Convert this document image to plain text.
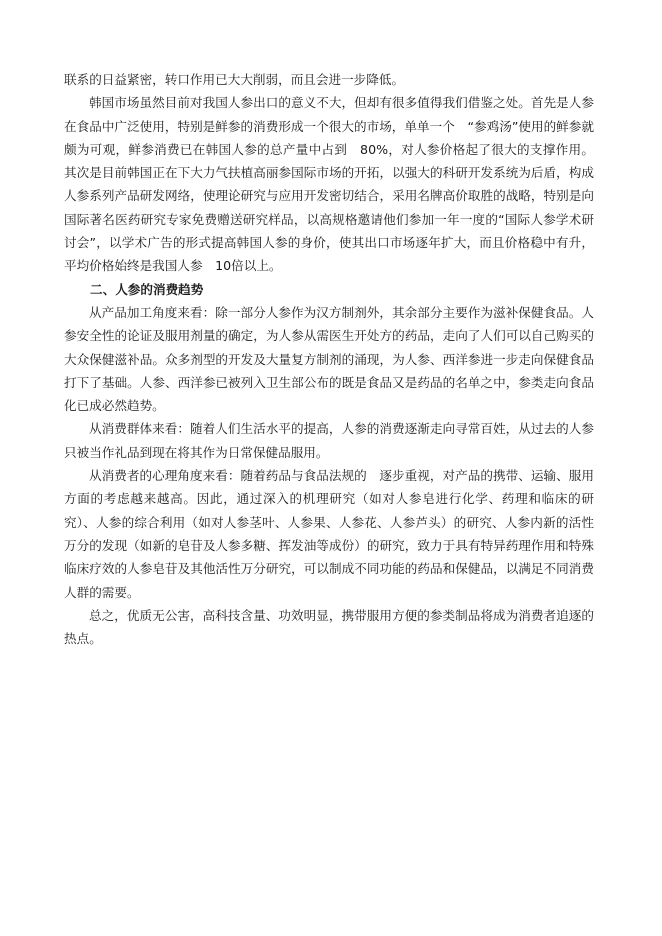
联系的日益紧密，转口作用已大大削弱，而且会进一步降低。

韩国市场虽然目前对我国人参出口的意义不大，但却有很多值得我们借鉴之处。首先是人参在食品中广泛使用，特别是鲜参的消费形成一个很大的市场，单单一个　“参鸡汤”使用的鲜参就颇为可观，鲜参消费已在韩国人参的总产量中占到　80%，对人参价格起了很大的支撑作用。其次是目前韩国正在下大力气扶植高丽参国际市场的开拓，以强大的科研开发系统为后盾，构成人参系列产品研发网络，使理论研究与应用开发密切结合，采用名牌高价取胜的战略，特别是向国际著名医药研究专家免费赠送研究样品，以高规格邀请他们参加一年一度的“国际人参学术研讨会”，以学术广告的形式提高韩国人参的身价，使其出口市场逐年扩大，而且价格稳中有升，平均价格始终是我国人参　10倍以上。

二、人参的消费趋势

从产品加工角度来看：除一部分人参作为汉方制剂外，其余部分主要作为滋补保健食品。人参安全性的论证及服用剂量的确定，为人参从需医生开处方的药品，走向了人们可以自己购买的大众保健滋补品。众多剂型的开发及大量复方制剂的涌现，为人参、西洋参进一步走向保健食品打下了基础。人参、西洋参已被列入卫生部公布的既是食品又是药品的名单之中，参类走向食品化已成必然趋势。

从消费群体来看：随着人们生活水平的提高，人参的消费逐渐走向寻常百姓，从过去的人参只被当作礼品到现在将其作为日常保健品服用。

从消费者的心理角度来看：随着药品与食品法规的　逐步重视，对产品的携带、运输、服用方面的考虑越来越高。因此，通过深入的机理研究（如对人参皂进行化学、药理和临床的研究）、人参的综合利用（如对人参茎叶、人参果、人参花、人参芦头）的研究、人参内新的活性万分的发现（如新的皂苷及人参多糖、挥发油等成份）的研究，致力于具有特异药理作用和特殊临床疗效的人参皂苷及其他活性万分研究，可以制成不同功能的药品和保健品，以满足不同消费人群的需要。

总之，优质无公害，高科技含量、功效明显，携带服用方便的参类制品将成为消费者追逐的热点。
